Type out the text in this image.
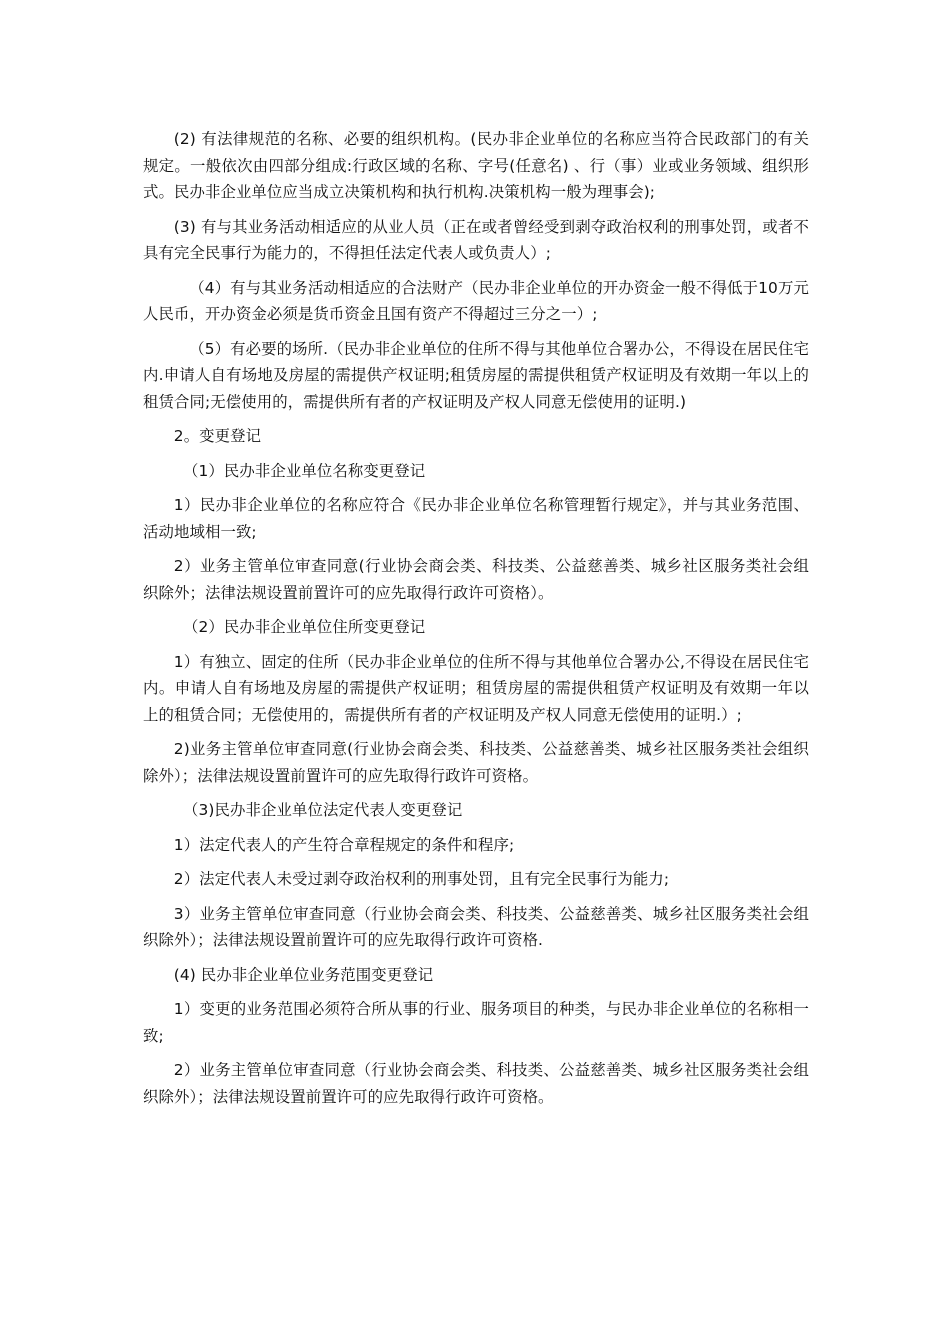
(2) 有法律规范的名称、必要的组织机构。(民办非企业单位的名称应当符合民政部门的有关规定。一般依次由四部分组成:行政区域的名称、字号(任意名) 、行（事）业或业务领域、组织形式。民办非企业单位应当成立决策机构和执行机构.决策机构一般为理事会);

(3) 有与其业务活动相适应的从业人员（正在或者曾经受到剥夺政治权利的刑事处罚，或者不具有完全民事行为能力的，不得担任法定代表人或负责人）;

（4）有与其业务活动相适应的合法财产（民办非企业单位的开办资金一般不得低于10万元人民币，开办资金必须是货币资金且国有资产不得超过三分之一）;

（5）有必要的场所.（民办非企业单位的住所不得与其他单位合署办公，不得设在居民住宅内.申请人自有场地及房屋的需提供产权证明;租赁房屋的需提供租赁产权证明及有效期一年以上的租赁合同;无偿使用的，需提供所有者的产权证明及产权人同意无偿使用的证明.)

2。变更登记

（1）民办非企业单位名称变更登记

1）民办非企业单位的名称应符合《民办非企业单位名称管理暂行规定》，并与其业务范围、活动地域相一致;

2）业务主管单位审查同意(行业协会商会类、科技类、公益慈善类、城乡社区服务类社会组织除外；法律法规设置前置许可的应先取得行政许可资格）。

（2）民办非企业单位住所变更登记

1）有独立、固定的住所（民办非企业单位的住所不得与其他单位合署办公,不得设在居民住宅内。申请人自有场地及房屋的需提供产权证明；租赁房屋的需提供租赁产权证明及有效期一年以上的租赁合同；无偿使用的，需提供所有者的产权证明及产权人同意无偿使用的证明.）;

2)业务主管单位审查同意(行业协会商会类、科技类、公益慈善类、城乡社区服务类社会组织除外）；法律法规设置前置许可的应先取得行政许可资格。

（3)民办非企业单位法定代表人变更登记

1）法定代表人的产生符合章程规定的条件和程序;

2）法定代表人未受过剥夺政治权利的刑事处罚，且有完全民事行为能力;

3）业务主管单位审查同意（行业协会商会类、科技类、公益慈善类、城乡社区服务类社会组织除外）；法律法规设置前置许可的应先取得行政许可资格.

(4) 民办非企业单位业务范围变更登记

1）变更的业务范围必须符合所从事的行业、服务项目的种类，与民办非企业单位的名称相一致;

2）业务主管单位审查同意（行业协会商会类、科技类、公益慈善类、城乡社区服务类社会组织除外）；法律法规设置前置许可的应先取得行政许可资格。
